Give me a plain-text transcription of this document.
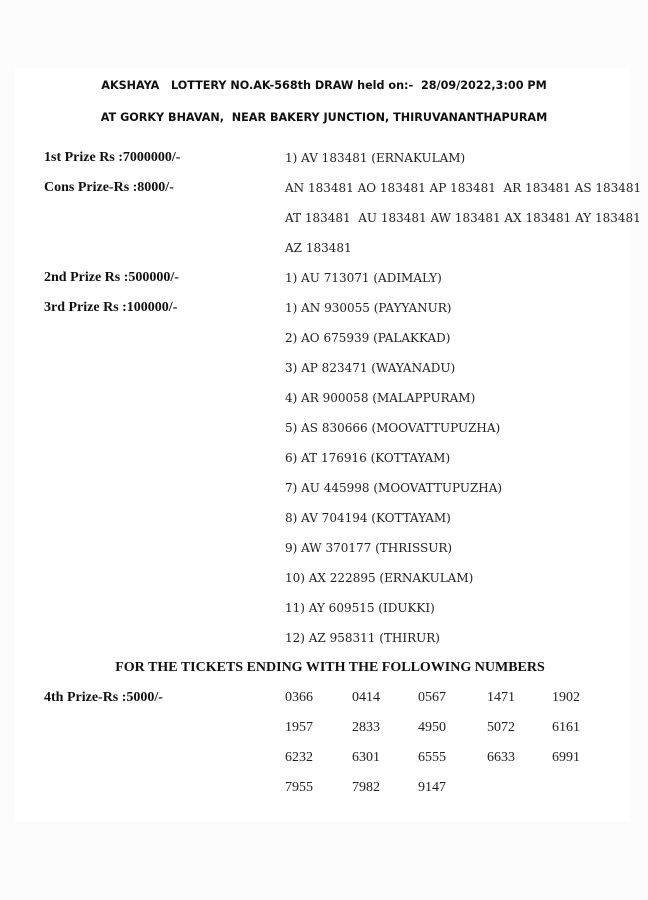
AKSHAYA   LOTTERY NO.AK-568th DRAW held on:-  28/09/2022,3:00 PM
AT GORKY BHAVAN,  NEAR BAKERY JUNCTION, THIRUVANANTHAPURAM
1st Prize Rs :7000000/-	1) AV 183481 (ERNAKULAM)
Cons Prize-Rs :8000/-	AN 183481 AO 183481 AP 183481  AR 183481 AS 183481
AT 183481  AU 183481 AW 183481 AX 183481 AY 183481
AZ 183481
2nd Prize Rs :500000/-	1) AU 713071 (ADIMALY)
3rd Prize Rs :100000/-	1) AN 930055 (PAYYANUR)
2) AO 675939 (PALAKKAD)
3) AP 823471 (WAYANADU)
4) AR 900058 (MALAPPURAM)
5) AS 830666 (MOOVATTUPUZHA)
6) AT 176916 (KOTTAYAM)
7) AU 445998 (MOOVATTUPUZHA)
8) AV 704194 (KOTTAYAM)
9) AW 370177 (THRISSUR)
10) AX 222895 (ERNAKULAM)
11) AY 609515 (IDUKKI)
12) AZ 958311 (THIRUR)
FOR THE TICKETS ENDING WITH THE FOLLOWING NUMBERS
4th Prize-Rs :5000/-	0366	0414	0567	1471	1902
1957	2833	4950	5072	6161
6232	6301	6555	6633	6991
7955	7982	9147
